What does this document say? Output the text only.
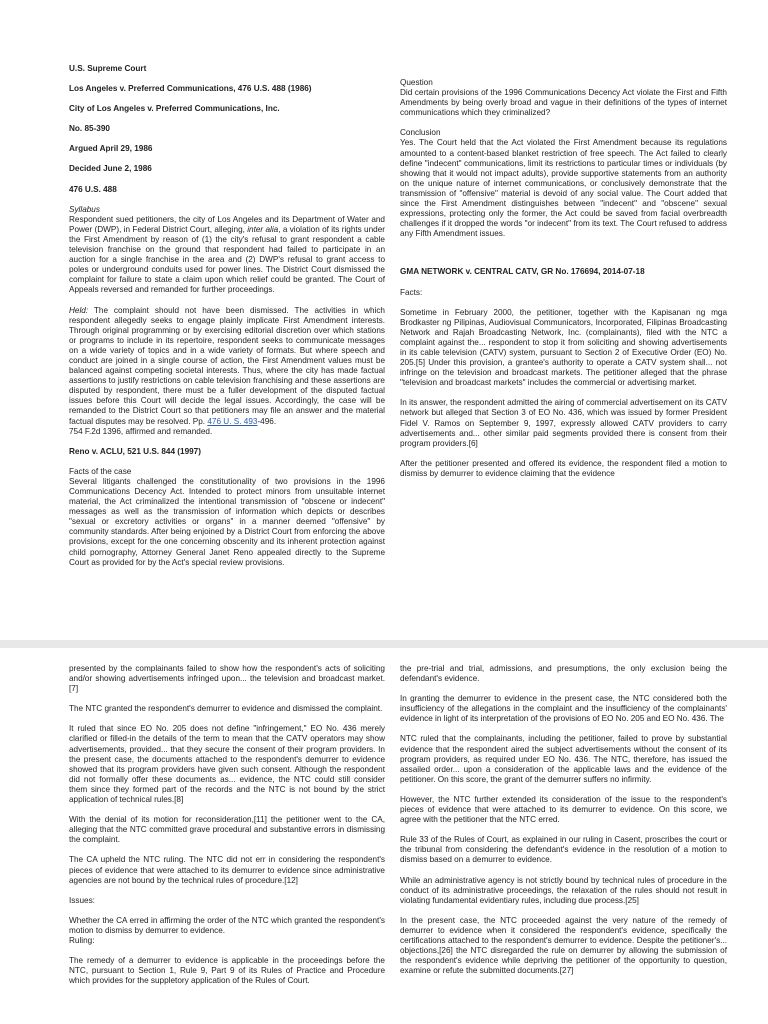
U.S. Supreme Court

Los Angeles v. Preferred Communications, 476 U.S. 488 (1986)

City of Los Angeles v. Preferred Communications, Inc.

No. 85-390

Argued April 29, 1986

Decided June 2, 1986

476 U.S. 488

Syllabus

Respondent sued petitioners, the city of Los Angeles and its Department of Water and Power (DWP), in Federal District Court, alleging, inter alia, a violation of its rights under the First Amendment by reason of (1) the city's refusal to grant respondent a cable television franchise on the ground that respondent had failed to participate in an auction for a single franchise in the area and (2) DWP's refusal to grant access to poles or underground conduits used for power lines. The District Court dismissed the complaint for failure to state a claim upon which relief could be granted. The Court of Appeals reversed and remanded for further proceedings.

Held: The complaint should not have been dismissed. The activities in which respondent allegedly seeks to engage plainly implicate First Amendment interests. Through original programming or by exercising editorial discretion over which stations or programs to include in its repertoire, respondent seeks to communicate messages on a wide variety of topics and in a wide variety of formats. But where speech and conduct are joined in a single course of action, the First Amendment values must be balanced against competing societal interests. Thus, where the city has made factual assertions to justify restrictions on cable television franchising and these assertions are disputed by respondent, there must be a fuller development of the disputed factual issues before this Court will decide the legal issues. Accordingly, the case will be remanded to the District Court so that petitioners may file an answer and the material factual disputes may be resolved. Pp. 476 U. S. 493-496.

754 F.2d 1396, affirmed and remanded.

Reno v. ACLU, 521 U.S. 844 (1997)

Facts of the case

Several litigants challenged the constitutionality of two provisions in the 1996 Communications Decency Act. Intended to protect minors from unsuitable internet material, the Act criminalized the intentional transmission of "obscene or indecent" messages as well as the transmission of information which depicts or describes "sexual or excretory activities or organs" in a manner deemed "offensive" by community standards. After being enjoined by a District Court from enforcing the above provisions, except for the one concerning obscenity and its inherent protection against child pornography, Attorney General Janet Reno appealed directly to the Supreme Court as provided for by the Act's special review provisions.

Question

Did certain provisions of the 1996 Communications Decency Act violate the First and Fifth Amendments by being overly broad and vague in their definitions of the types of internet communications which they criminalized?

Conclusion

Yes. The Court held that the Act violated the First Amendment because its regulations amounted to a content-based blanket restriction of free speech. The Act failed to clearly define "indecent" communications, limit its restrictions to particular times or individuals (by showing that it would not impact adults), provide supportive statements from an authority on the unique nature of internet communications, or conclusively demonstrate that the transmission of "offensive" material is devoid of any social value. The Court added that since the First Amendment distinguishes between "indecent" and "obscene" sexual expressions, protecting only the former, the Act could be saved from facial overbreadth challenges if it dropped the words "or indecent" from its text. The Court refused to address any Fifth Amendment issues.

GMA NETWORK v. CENTRAL CATV, GR No. 176694, 2014-07-18

Facts:

Sometime in February 2000, the petitioner, together with the Kapisanan ng mga Brodkaster ng Pilipinas, Audiovisual Communicators, Incorporated, Filipinas Broadcasting Network and Rajah Broadcasting Network, Inc. (complainants), filed with the NTC a complaint against the... respondent to stop it from soliciting and showing advertisements in its cable television (CATV) system, pursuant to Section 2 of Executive Order (EO) No. 205.[5] Under this provision, a grantee's authority to operate a CATV system shall... not infringe on the television and broadcast markets. The petitioner alleged that the phrase "television and broadcast markets" includes the commercial or advertising market.

In its answer, the respondent admitted the airing of commercial advertisement on its CATV network but alleged that Section 3 of EO No. 436, which was issued by former President Fidel V. Ramos on September 9, 1997, expressly allowed CATV providers to carry advertisements and... other similar paid segments provided there is consent from their program providers.[6]

After the petitioner presented and offered its evidence, the respondent filed a motion to dismiss by demurrer to evidence claiming that the evidence

presented by the complainants failed to show how the respondent's acts of soliciting and/or showing advertisements infringed upon... the television and broadcast market.[7]

The NTC granted the respondent's demurrer to evidence and dismissed the complaint.

It ruled that since EO No. 205 does not define "infringement," EO No. 436 merely clarified or filled-in the details of the term to mean that the CATV operators may show advertisements, provided... that they secure the consent of their program providers. In the present case, the documents attached to the respondent's demurrer to evidence showed that its program providers have given such consent. Although the respondent did not formally offer these documents as... evidence, the NTC could still consider them since they formed part of the records and the NTC is not bound by the strict application of technical rules.[8]

With the denial of its motion for reconsideration,[11] the petitioner went to the CA, alleging that the NTC committed grave procedural and substantive errors in dismissing the complaint.

The CA upheld the NTC ruling. The NTC did not err in considering the respondent's pieces of evidence that were attached to its demurrer to evidence since administrative agencies are not bound by the technical rules of procedure.[12]

Issues:

Whether the CA erred in affirming the order of the NTC which granted the respondent's motion to dismiss by demurrer to evidence.

Ruling:

The remedy of a demurrer to evidence is applicable in the proceedings before the NTC, pursuant to Section 1, Rule 9, Part 9 of its Rules of Practice and Procedure which provides for the suppletory application of the Rules of Court.

the pre-trial and trial, admissions, and presumptions, the only exclusion being the defendant's evidence.

In granting the demurrer to evidence in the present case, the NTC considered both the insufficiency of the allegations in the complaint and the insufficiency of the complainants' evidence in light of its interpretation of the provisions of EO No. 205 and EO No. 436. The

NTC ruled that the complainants, including the petitioner, failed to prove by substantial evidence that the respondent aired the subject advertisements without the consent of its program providers, as required under EO No. 436. The NTC, therefore, has issued the assailed order... upon a consideration of the applicable laws and the evidence of the petitioner. On this score, the grant of the demurrer suffers no infirmity.

However, the NTC further extended its consideration of the issue to the respondent's pieces of evidence that were attached to its demurrer to evidence. On this score, we agree with the petitioner that the NTC erred.

Rule 33 of the Rules of Court, as explained in our ruling in Casent, proscribes the court or the tribunal from considering the defendant's evidence in the resolution of a motion to dismiss based on a demurrer to evidence.

While an administrative agency is not strictly bound by technical rules of procedure in the conduct of its administrative proceedings, the relaxation of the rules should not result in violating fundamental evidentiary rules, including due process.[25]

In the present case, the NTC proceeded against the very nature of the remedy of demurrer to evidence when it considered the respondent's evidence, specifically the certifications attached to the respondent's demurrer to evidence. Despite the petitioner's... objections,[26] the NTC disregarded the rule on demurrer by allowing the submission of the respondent's evidence while depriving the petitioner of the opportunity to question, examine or refute the submitted documents.[27]
